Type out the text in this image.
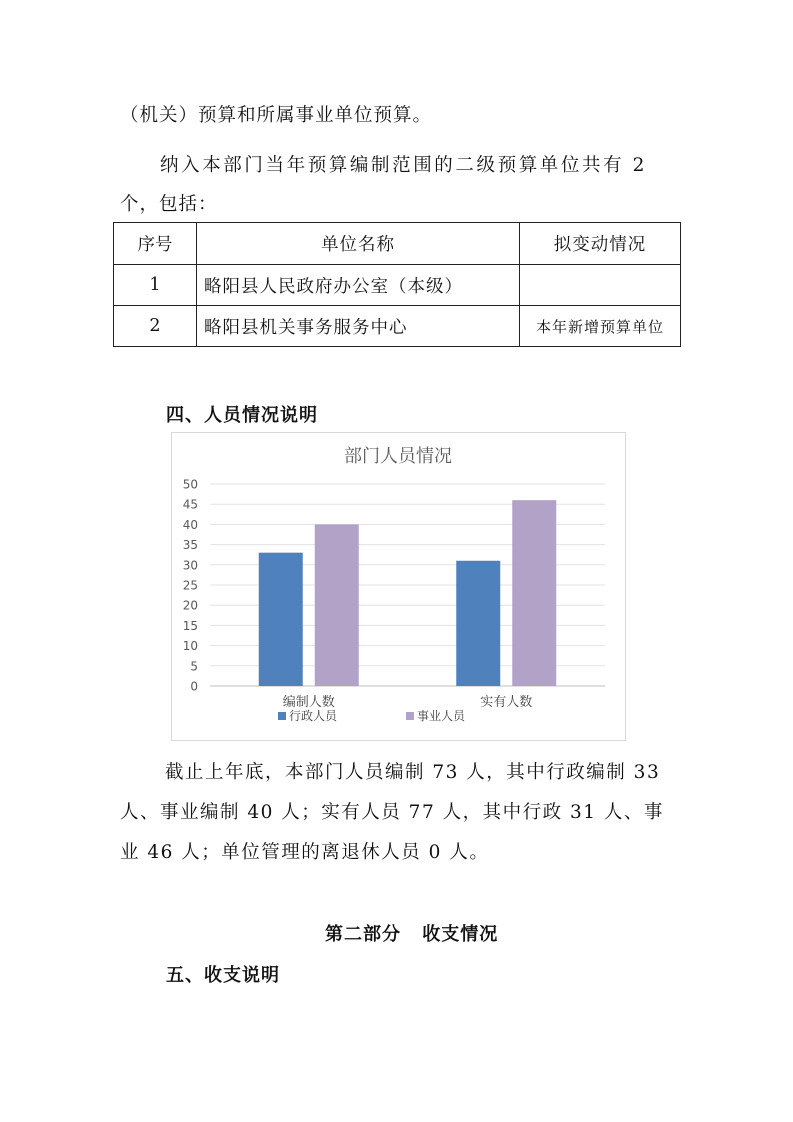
（机关）预算和所属事业单位预算。
纳入本部门当年预算编制范围的二级预算单位共有 2
个，包括：
序号	单位名称	拟变动情况
1	略阳县人民政府办公室（本级）	
2	略阳县机关事务服务中心	本年新增预算单位
四、人员情况说明
部门人员情况
0
5
10
15
20
25
30
35
40
45
50
编制人数	实有人数
行政人员	事业人员
截止上年底，本部门人员编制 73 人，其中行政编制 33
人、事业编制 40 人；实有人员 77 人，其中行政 31 人、事
业 46 人；单位管理的离退休人员 0 人。
第二部分 收支情况
五、收支说明
